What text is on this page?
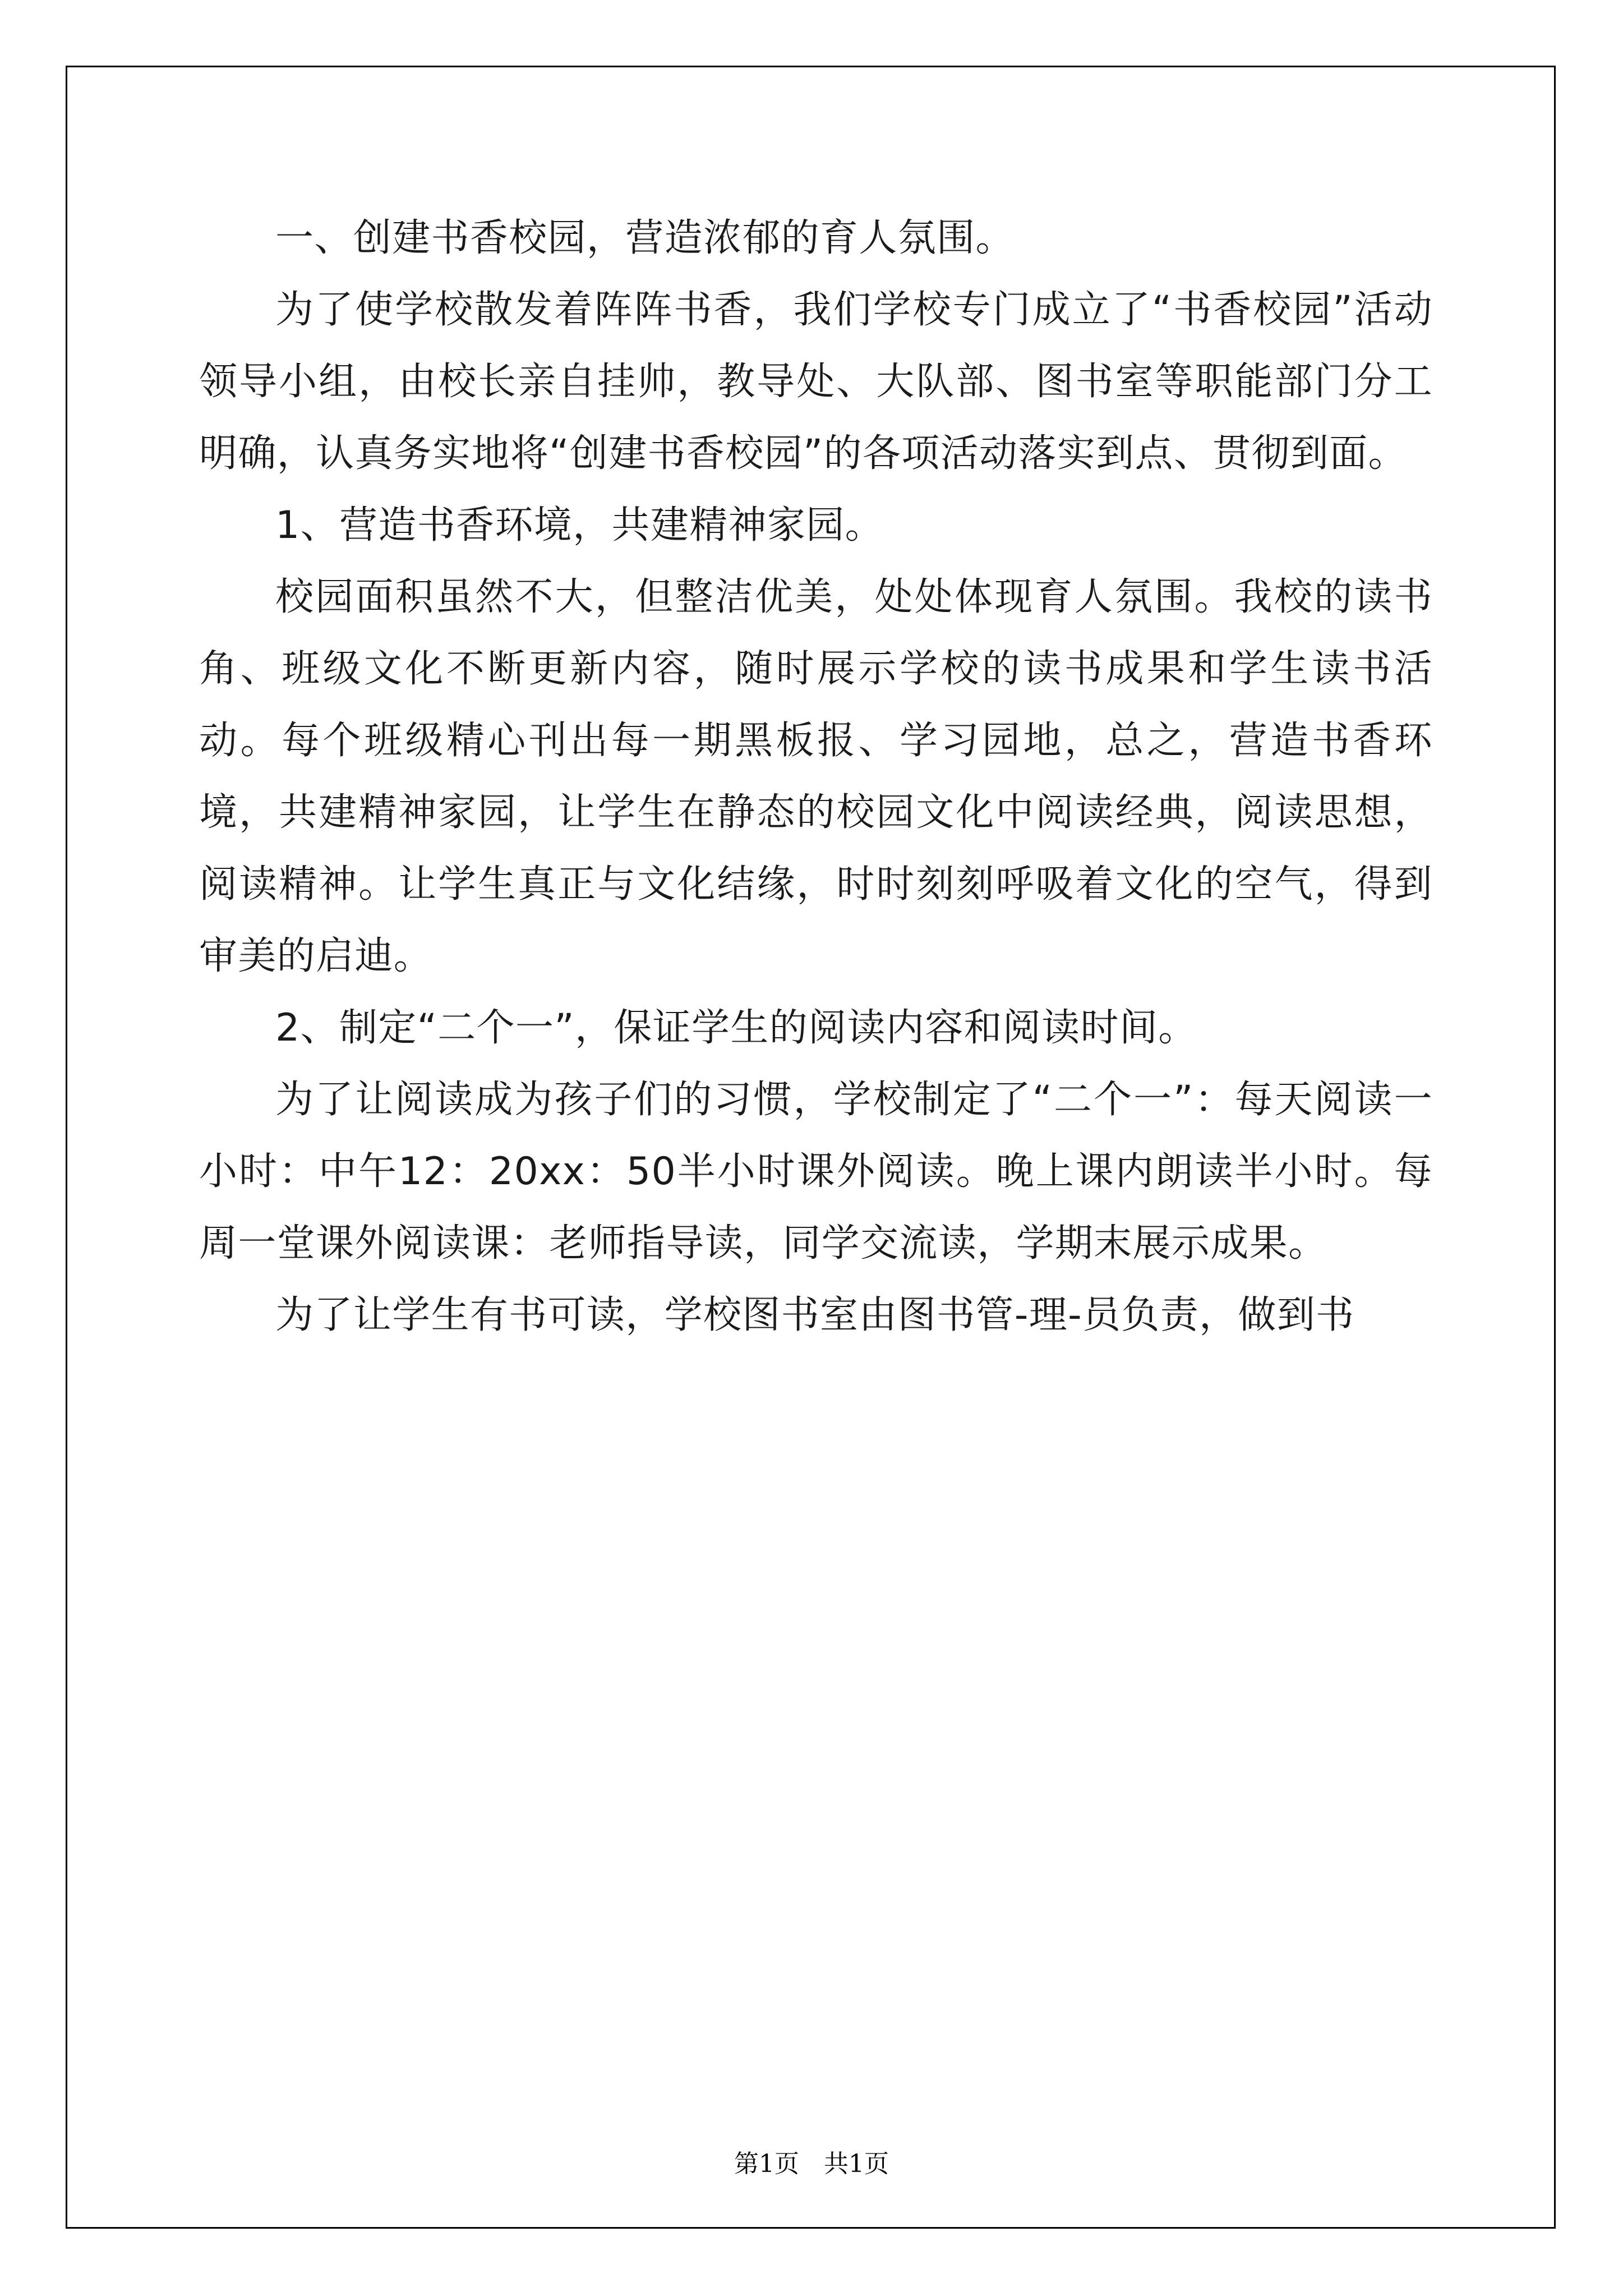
一、创建书香校园，营造浓郁的育人氛围。

为了使学校散发着阵阵书香，我们学校专门成立了“书香校园”活动领导小组，由校长亲自挂帅，教导处、大队部、图书室等职能部门分工明确，认真务实地将“创建书香校园”的各项活动落实到点、贯彻到面。

1、营造书香环境，共建精神家园。

校园面积虽然不大，但整洁优美，处处体现育人氛围。我校的读书角、班级文化不断更新内容，随时展示学校的读书成果和学生读书活动。每个班级精心刊出每一期黑板报、学习园地，总之，营造书香环境，共建精神家园，让学生在静态的校园文化中阅读经典，阅读思想，阅读精神。让学生真正与文化结缘，时时刻刻呼吸着文化的空气，得到审美的启迪。

2、制定“二个一”，保证学生的阅读内容和阅读时间。

为了让阅读成为孩子们的习惯，学校制定了“二个一”：每天阅读一小时：中午12：20xx：50半小时课外阅读。晚上课内朗读半小时。每周一堂课外阅读课：老师指导读，同学交流读，学期末展示成果。

为了让学生有书可读，学校图书室由图书管-理-员负责，做到书

第1页　共1页
